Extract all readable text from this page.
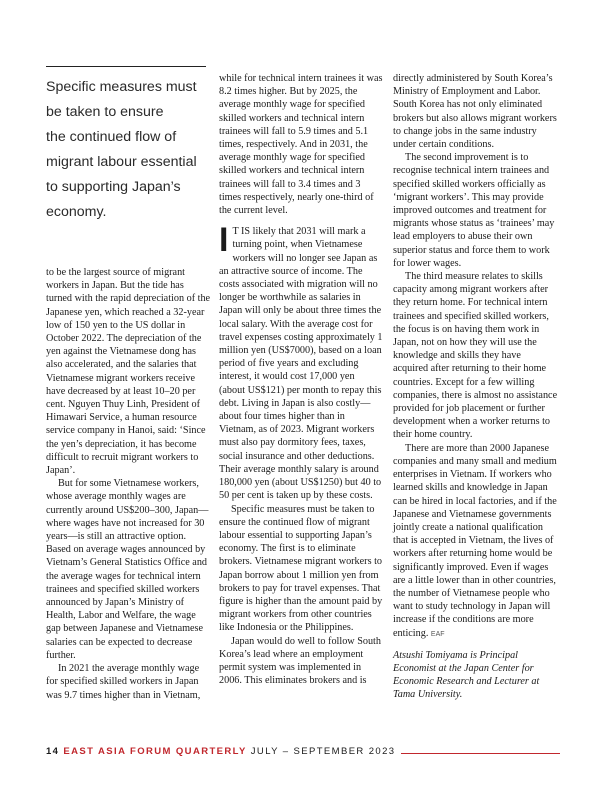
Specific measures must
be taken to ensure
the continued flow of
migrant labour essential
to supporting Japan’s
economy.

to be the largest source of migrant workers in Japan. But the tide has turned with the rapid depreciation of the Japanese yen, which reached a 32-year low of 150 yen to the US dollar in October 2022. The depreciation of the yen against the Vietnamese dong has also accelerated, and the salaries that Vietnamese migrant workers receive have decreased by at least 10–20 per cent. Nguyen Thuy Linh, President of Himawari Service, a human resource service company in Hanoi, said: ‘Since the yen’s depreciation, it has become difficult to recruit migrant workers to Japan’.

But for some Vietnamese workers, whose average monthly wages are currently around US$200–300, Japan—where wages have not increased for 30 years—is still an attractive option. Based on average wages announced by Vietnam’s General Statistics Office and the average wages for technical intern trainees and specified skilled workers announced by Japan’s Ministry of Health, Labor and Welfare, the wage gap between Japanese and Vietnamese salaries can be expected to decrease further.

In 2021 the average monthly wage for specified skilled workers in Japan was 9.7 times higher than in Vietnam,

while for technical intern trainees it was 8.2 times higher. But by 2025, the average monthly wage for specified skilled workers and technical intern trainees will fall to 5.9 times and 5.1 times, respectively. And in 2031, the average monthly wage for specified skilled workers and technical intern trainees will fall to 3.4 times and 3 times respectively, nearly one-third of the current level.

I T IS likely that 2031 will mark a turning point, when Vietnamese workers will no longer see Japan as an attractive source of income. The costs associated with migration will no longer be worthwhile as salaries in Japan will only be about three times the local salary. With the average cost for travel expenses costing approximately 1 million yen (US$7000), based on a loan period of five years and excluding interest, it would cost 17,000 yen (about US$121) per month to repay this debt. Living in Japan is also costly—about four times higher than in Vietnam, as of 2023. Migrant workers must also pay dormitory fees, taxes, social insurance and other deductions. Their average monthly salary is around 180,000 yen (about US$1250) but 40 to 50 per cent is taken up by these costs.

Specific measures must be taken to ensure the continued flow of migrant labour essential to supporting Japan’s economy. The first is to eliminate brokers. Vietnamese migrant workers to Japan borrow about 1 million yen from brokers to pay for travel expenses. That figure is higher than the amount paid by migrant workers from other countries like Indonesia or the Philippines.

Japan would do well to follow South Korea’s lead where an employment permit system was implemented in 2006. This eliminates brokers and is

directly administered by South Korea’s Ministry of Employment and Labor. South Korea has not only eliminated brokers but also allows migrant workers to change jobs in the same industry under certain conditions.

The second improvement is to recognise technical intern trainees and specified skilled workers officially as ‘migrant workers’. This may provide improved outcomes and treatment for migrants whose status as ‘trainees’ may lead employers to abuse their own superior status and force them to work for lower wages.

The third measure relates to skills capacity among migrant workers after they return home. For technical intern trainees and specified skilled workers, the focus is on having them work in Japan, not on how they will use the knowledge and skills they have acquired after returning to their home countries. Except for a few willing companies, there is almost no assistance provided for job placement or further development when a worker returns to their home country.

There are more than 2000 Japanese companies and many small and medium enterprises in Vietnam. If workers who learned skills and knowledge in Japan can be hired in local factories, and if the Japanese and Vietnamese governments jointly create a national qualification that is accepted in Vietnam, the lives of workers after returning home would be significantly improved. Even if wages are a little lower than in other countries, the number of Vietnamese people who want to study technology in Japan will increase if the conditions are more enticing. EAF

Atsushi Tomiyama is Principal Economist at the Japan Center for Economic Research and Lecturer at Tama University.

14 EAST ASIA FORUM QUARTERLY JULY – SEPTEMBER 2023
